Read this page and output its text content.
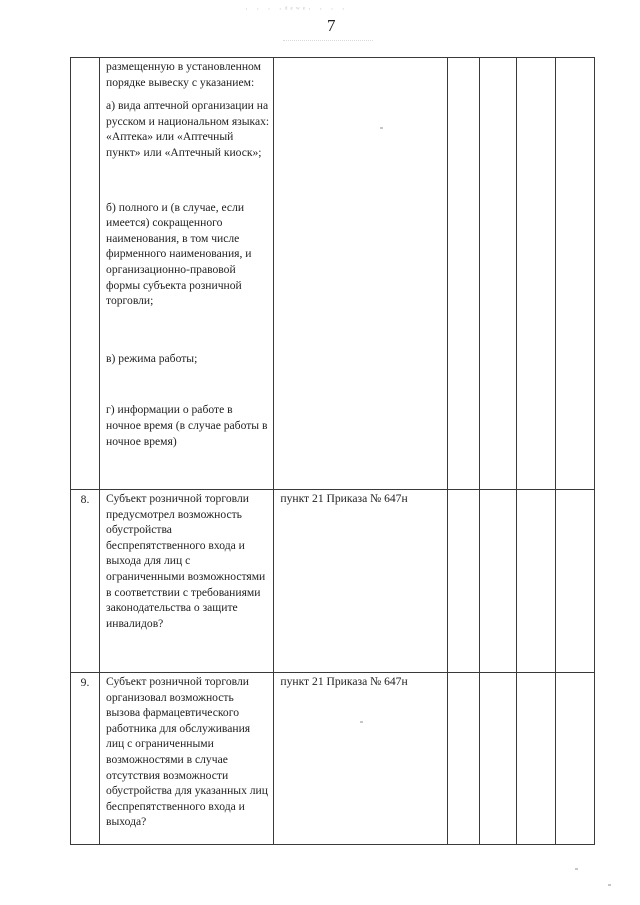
· · · ·ᵈᵉʷᵉ· · · ·
7

	размещенную в установленном порядке вывеску с указанием:
а) вида аптечной организации на русском и национальном языках: «Аптека» или «Аптечный пункт» или «Аптечный киоск»;
б) полного и (в случае, если имеется) сокращенного наименования, в том числе фирменного наименования, и организационно-правовой формы субъекта розничной торговли;
в) режима работы;
г) информации о работе в ночное время (в случае работы в ночное время)					

8.	Субъект розничной торговли предусмотрел возможность обустройства беспрепятственного входа и выхода для лиц с ограниченными возможностями в соответствии с требованиями законодательства о защите инвалидов?	пункт 21 Приказа № 647н				

9.	Субъект розничной торговли организовал возможность вызова фармацевтического работника для обслуживания лиц с ограниченными возможностями в случае отсутствия возможности обустройства для указанных лиц беспрепятственного входа и выхода?	пункт 21 Приказа № 647н				
